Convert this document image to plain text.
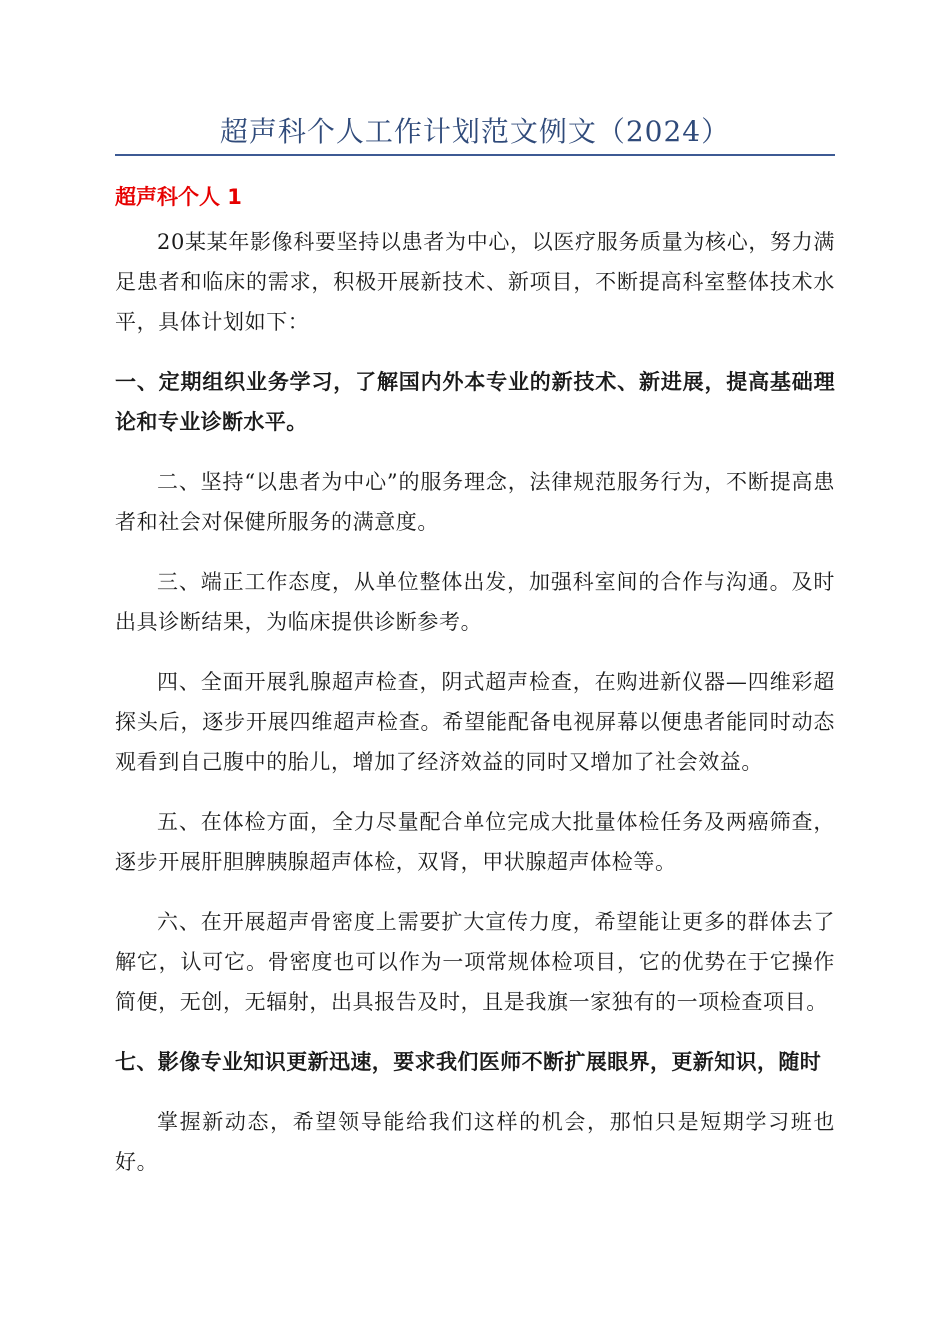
超声科个人工作计划范文例文（2024）
超声科个人 1

20某某年影像科要坚持以患者为中心，以医疗服务质量为核心，努力满足患者和临床的需求，积极开展新技术、新项目，不断提高科室整体技术水平，具体计划如下：

一、定期组织业务学习，了解国内外本专业的新技术、新进展，提高基础理论和专业诊断水平。

二、坚持“以患者为中心”的服务理念，法律规范服务行为，不断提高患者和社会对保健所服务的满意度。

三、端正工作态度，从单位整体出发，加强科室间的合作与沟通。及时出具诊断结果，为临床提供诊断参考。

四、全面开展乳腺超声检查，阴式超声检查，在购进新仪器—四维彩超探头后，逐步开展四维超声检查。希望能配备电视屏幕以便患者能同时动态观看到自己腹中的胎儿，增加了经济效益的同时又增加了社会效益。

五、在体检方面，全力尽量配合单位完成大批量体检任务及两癌筛查，逐步开展肝胆脾胰腺超声体检，双肾，甲状腺超声体检等。

六、在开展超声骨密度上需要扩大宣传力度，希望能让更多的群体去了解它，认可它。骨密度也可以作为一项常规体检项目，它的优势在于它操作简便，无创，无辐射，出具报告及时，且是我旗一家独有的一项检查项目。

七、影像专业知识更新迅速，要求我们医师不断扩展眼界，更新知识，随时

掌握新动态，希望领导能给我们这样的机会，那怕只是短期学习班也好。
